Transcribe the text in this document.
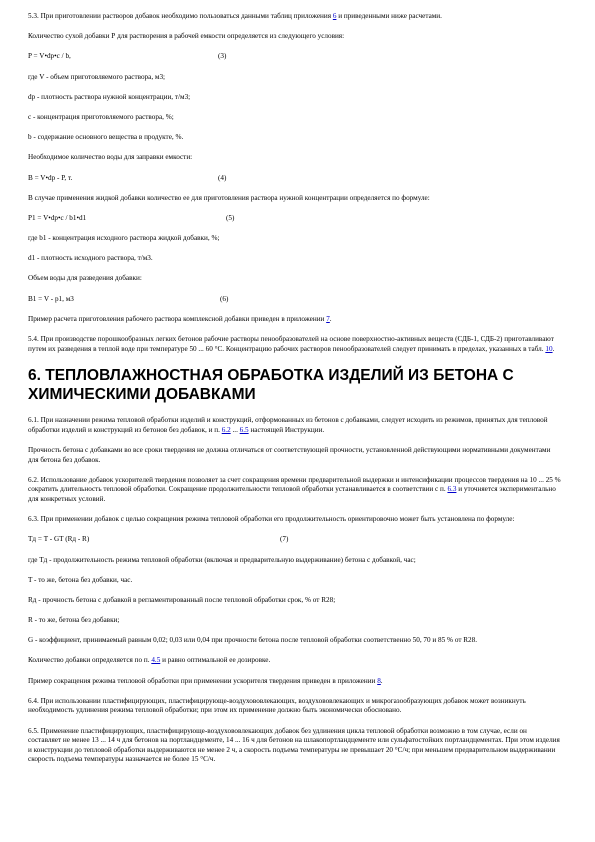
5.3. При приготовлении растворов добавок необходимо пользоваться данными таблиц приложения 6 и приведенными ниже расчетами.

Количество сухой добавки Р для растворения в рабочей емкости определяется из следующего условия:

P = V•dp•c / b,	(3)

где V - объем приготовляемого раствора, м3;

dp - плотность раствора нужной концентрации, т/м3;

с - концентрация приготовляемого раствора, %;

b - содержание основного вещества в продукте, %.

Необходимое количество воды для заправки емкости:

B = V•dp - P, т.	(4)

В случае применения жидкой добавки количество ее для приготовления раствора нужной концентрации определяется по формуле:

P1 = V•dp•c / b1•d1	(5)

где b1 - концентрация исходного раствора жидкой добавки, %;

d1 - плотность исходного раствора, т/м3.

Объем воды для разведения добавки:

B1 = V - p1, м3	(6)

Пример расчета приготовления рабочего раствора комплексной добавки приведен в приложении 7.

5.4. При производстве порошкообразных легких бетонов рабочие растворы пенообразователей на основе поверхностно-активных веществ (СДБ-1, СДБ-2) приготавливают путем их разведения в теплой воде при температуре 50 ... 60 °С. Концентрацию рабочих растворов пенообразователей следует принимать в пределах, указанных в табл. 10.

6. ТЕПЛОВЛАЖНОСТНАЯ ОБРАБОТКА ИЗДЕЛИЙ ИЗ БЕТОНА С ХИМИЧЕСКИМИ ДОБАВКАМИ

6.1. При назначении режима тепловой обработки изделий и конструкций, отформованных из бетонов с добавками, следует исходить из режимов, принятых для тепловой обработки изделий и конструкций из бетонов без добавок, и п. 6.2 ... 6.5 настоящей Инструкции.

Прочность бетона с добавками во все сроки твердения не должна отличаться от соответствующей прочности, установленной действующими нормативными документами для бетона без добавок.

6.2. Использование добавок ускорителей твердения позволяет за счет сокращения времени предварительной выдержки и интенсификации процессов твердения на 10 ... 25 % сократить длительность тепловой обработки. Сокращение продолжительности тепловой обработки устанавливается в соответствии с п. 6.3 и уточняется экспериментально для конкретных условий.

6.3. При применении добавок с целью сокращения режима тепловой обработки его продолжительность ориентировочно может быть установлена по формуле:

Tд = T - GT (Rд - R)	(7)

где Tд - продолжительность режима тепловой обработки (включая и предварительную выдерживание) бетона с добавкой, час;

T - то же, бетона без добавки, час.

Rд - прочность бетона с добавкой в регламентированный после тепловой обработки срок, % от R28;

R - то же, бетона без добавки;

G - коэффициент, принимаемый равным 0,02; 0,03 или 0,04 при прочности бетона после тепловой обработки соответственно 50, 70 и 85 % от R28.

Количество добавки определяется по п. 4.5 и равно оптимальной ее дозировке.

Пример сокращения режима тепловой обработки при применении ускорителя твердения приведен в приложении 8.

6.4. При использовании пластифицирующих, пластифицирующе-воздухововлекающих, воздухововлекающих и микрогазообразующих добавок может возникнуть необходимость удлинения режима тепловой обработки; при этом их применение должно быть экономически обосновано.

6.5. Применение пластифицирующих, пластифицирующе-воздухововлекающих добавок без удлинения цикла тепловой обработки возможно в том случае, если он составляет не менее 13 ... 14 ч для бетонов на портландцементе, 14 ... 16 ч для бетонов на шлакопортландцементе или сульфатостойких портландцементах. При этом изделия и конструкции до тепловой обработки выдерживаются не менее 2 ч, а скорость подъема температуры не превышает 20 °С/ч; при меньшем предварительном выдерживании скорость подъема температуры назначается не более 15 °С/ч.
